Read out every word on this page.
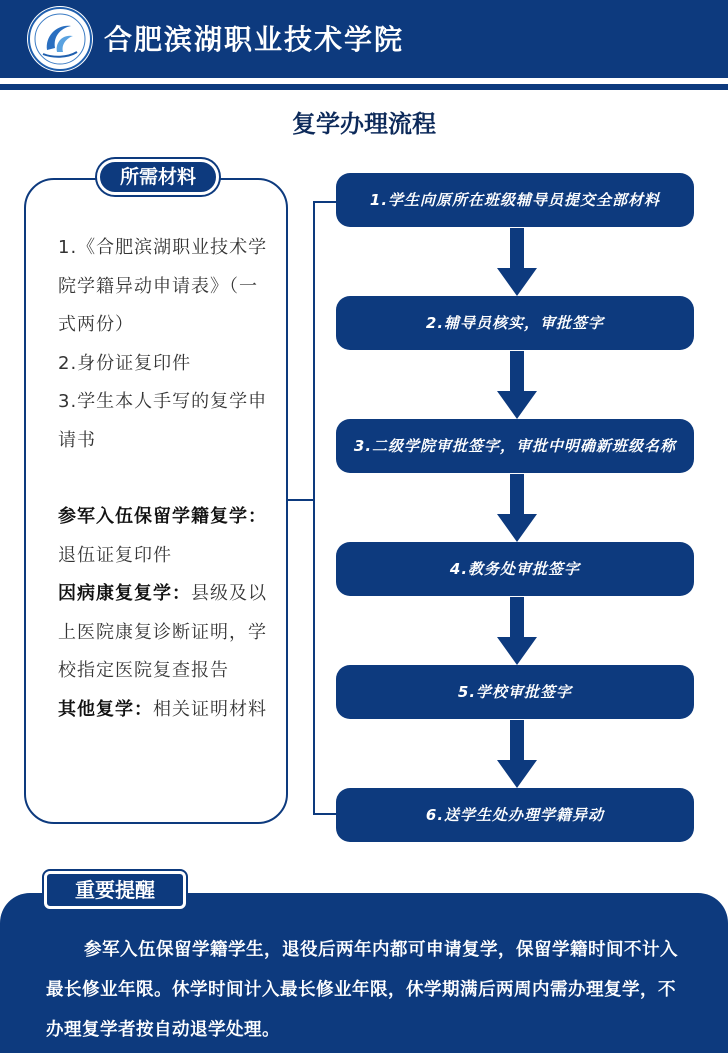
合肥滨湖职业技术学院
复学办理流程
所需材料

1.《合肥滨湖职业技术学院学籍异动申请表》（一式两份）

2.身份证复印件

3.学生本人手写的复学申请书

参军入伍保留学籍复学：退伍证复印件

因病康复复学：县级及以上医院康复诊断证明，学校指定医院复查报告

其他复学：相关证明材料

1.学生向原所在班级辅导员提交全部材料
2.辅导员核实，审批签字
3.二级学院审批签字，审批中明确新班级名称
4.教务处审批签字
5.学校审批签字
6.送学生处办理学籍异动
重要提醒
参军入伍保留学籍学生，退役后两年内都可申请复学，保留学籍时间不计入最长修业年限。休学时间计入最长修业年限，休学期满后两周内需办理复学，不办理复学者按自动退学处理。
